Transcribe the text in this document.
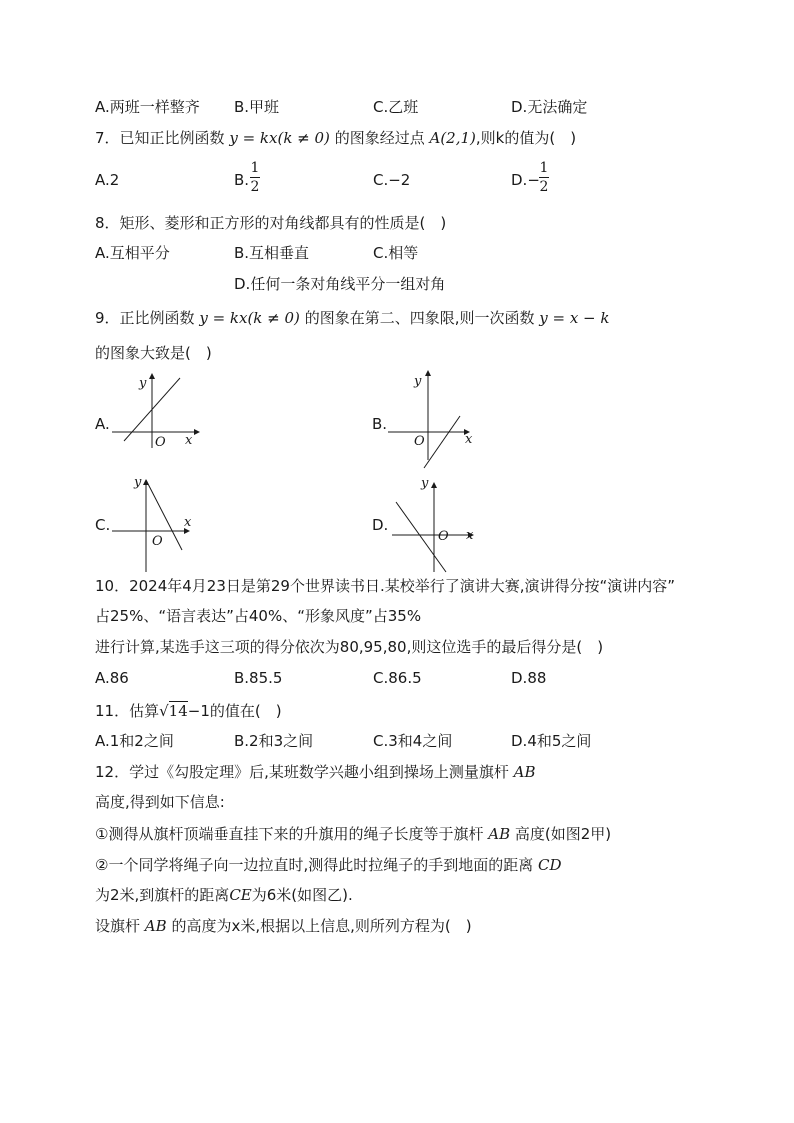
A.两班一样整齐 B.甲班	C.乙班	D.无法确定
7．已知正比例函数 y = kx(k ≠ 0) 的图象经过点 A(2,1),则k的值为(　)
A.2	B.
1
2	C.−2	D.−
1
2
8．矩形、菱形和正方形的对角线都具有的性质是(　)
A.互相平分	B.互相垂直	C.相等
D.任何一条对角线平分一组对角
9．正比例函数 y = kx(k ≠ 0) 的图象在第二、四象限,则一次函数 y = x − k
的图象大致是(　)
A.
y
x
O
B.
y
x
O
C.
y
x
O
D.
y
x
O
10．2024年4月23日是第29个世界读书日.某校举行了演讲大赛,演讲得分按“演讲内容”
占25%、“语言表达”占40%、“形象风度”占35%
进行计算,某选手这三项的得分依次为80,95,80,则这位选手的最后得分是(　)
A.86	B.85.5	C.86.5	D.88
11．估算√14−1的值在(　)
A.1和2之间	B.2和3之间	C.3和4之间	D.4和5之间
12．学过《勾股定理》后,某班数学兴趣小组到操场上测量旗杆 AB
高度,得到如下信息:
①测得从旗杆顶端垂直挂下来的升旗用的绳子长度等于旗杆 AB 高度(如图2甲)
②一个同学将绳子向一边拉直时,测得此时拉绳子的手到地面的距离 CD
为2米,到旗杆的距离CE为6米(如图乙).
设旗杆 AB 的高度为x米,根据以上信息,则所列方程为(　)
